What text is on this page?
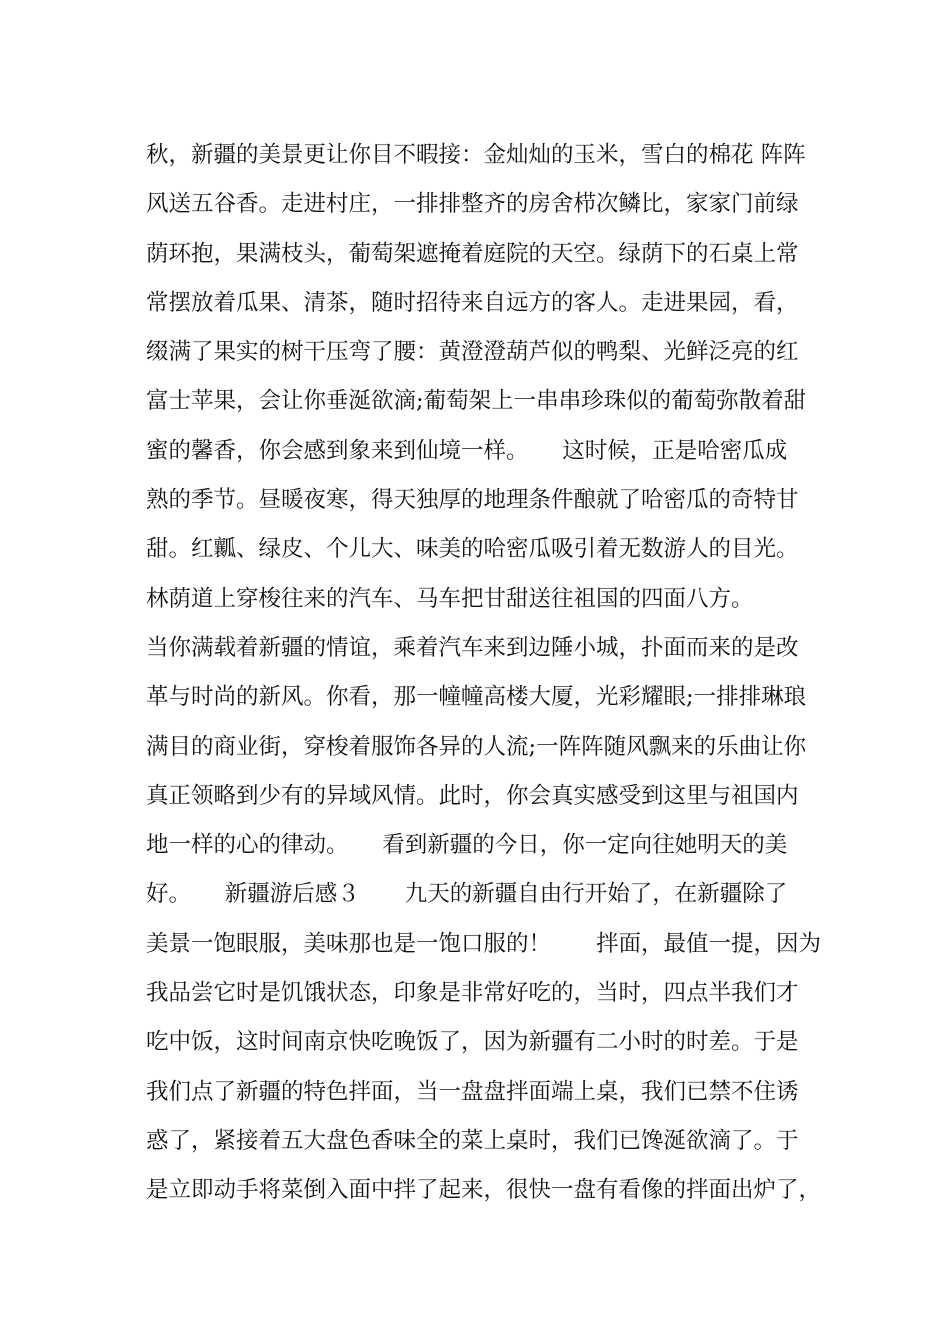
秋，新疆的美景更让你目不暇接：金灿灿的玉米，雪白的棉花 阵阵
风送五谷香。走进村庄，一排排整齐的房舍栉次鳞比，家家门前绿
荫环抱，果满枝头，葡萄架遮掩着庭院的天空。绿荫下的石桌上常
常摆放着瓜果、清茶，随时招待来自远方的客人。走进果园，看，
缀满了果实的树干压弯了腰：黄澄澄葫芦似的鸭梨、光鲜泛亮的红
富士苹果，会让你垂涎欲滴;葡萄架上一串串珍珠似的葡萄弥散着甜
蜜的馨香，你会感到象来到仙境一样。　　这时候，正是哈密瓜成
熟的季节。昼暖夜寒，得天独厚的地理条件酿就了哈密瓜的奇特甘
甜。红瓤、绿皮、个儿大、味美的哈密瓜吸引着无数游人的目光。
林荫道上穿梭往来的汽车、马车把甘甜送往祖国的四面八方。
当你满载着新疆的情谊，乘着汽车来到边陲小城，扑面而来的是改
革与时尚的新风。你看，那一幢幢高楼大厦，光彩耀眼;一排排琳琅
满目的商业街，穿梭着服饰各异的人流;一阵阵随风飘来的乐曲让你
真正领略到少有的异域风情。此时，你会真实感受到这里与祖国内
地一样的心的律动。　　看到新疆的今日，你一定向往她明天的美
好。　　新疆游后感３　　九天的新疆自由行开始了，在新疆除了
美景一饱眼服，美味那也是一饱口服的！　　拌面，最值一提，因为
我品尝它时是饥饿状态，印象是非常好吃的，当时，四点半我们才
吃中饭，这时间南京快吃晚饭了，因为新疆有二小时的时差。于是
我们点了新疆的特色拌面，当一盘盘拌面端上桌，我们已禁不住诱
惑了，紧接着五大盘色香味全的菜上桌时，我们已馋涎欲滴了。于
是立即动手将菜倒入面中拌了起来，很快一盘有看像的拌面出炉了，
